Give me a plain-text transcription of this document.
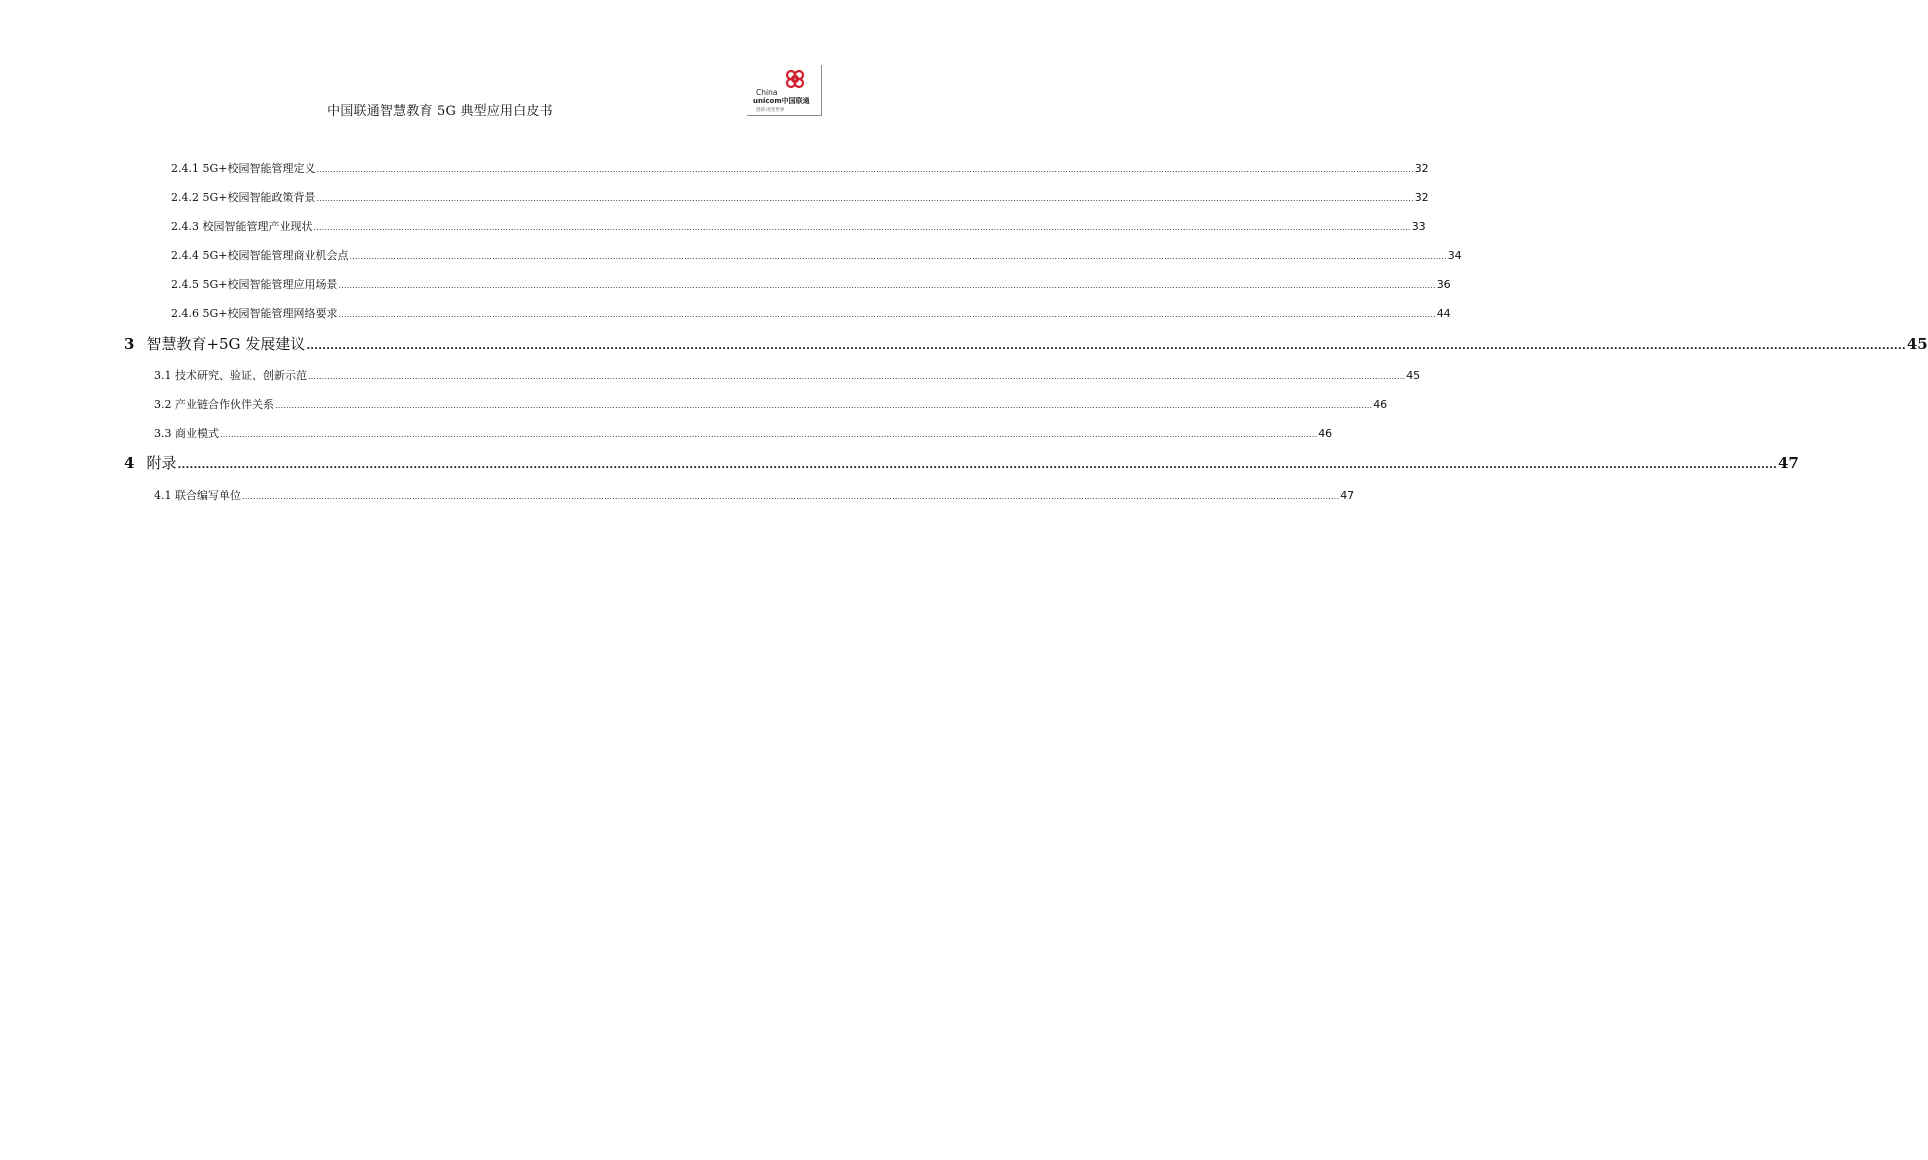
中国联通智慧教育 5G 典型应用白皮书
China
unicom中国联通
创新·改变世界
2.4.1 5G+校园智能管理定义 ................................................................................................................................................................................................................................................................................................................................................................................................................ 32
2.4.2 5G+校园智能政策背景 ................................................................................................................................................................................................................................................................................................................................................................................................................ 32
2.4.3 校园智能管理产业现状 ................................................................................................................................................................................................................................................................................................................................................................................................................ 33
2.4.4 5G+校园智能管理商业机会点 ................................................................................................................................................................................................................................................................................................................................................................................................................ 34
2.4.5 5G+校园智能管理应用场景 ................................................................................................................................................................................................................................................................................................................................................................................................................ 36
2.4.6 5G+校园智能管理网络要求 ................................................................................................................................................................................................................................................................................................................................................................................................................ 44
3 智慧教育+5G 发展建议 ................................................................................................................................................................................................................................................................................................................................................................................................................ 45
3.1 技术研究、验证、创新示范 ................................................................................................................................................................................................................................................................................................................................................................................................................ 45
3.2 产业链合作伙伴关系 ................................................................................................................................................................................................................................................................................................................................................................................................................ 46
3.3 商业模式 ................................................................................................................................................................................................................................................................................................................................................................................................................ 46
4 附录 ................................................................................................................................................................................................................................................................................................................................................................................................................ 47
4.1 联合编写单位 ................................................................................................................................................................................................................................................................................................................................................................................................................ 47
